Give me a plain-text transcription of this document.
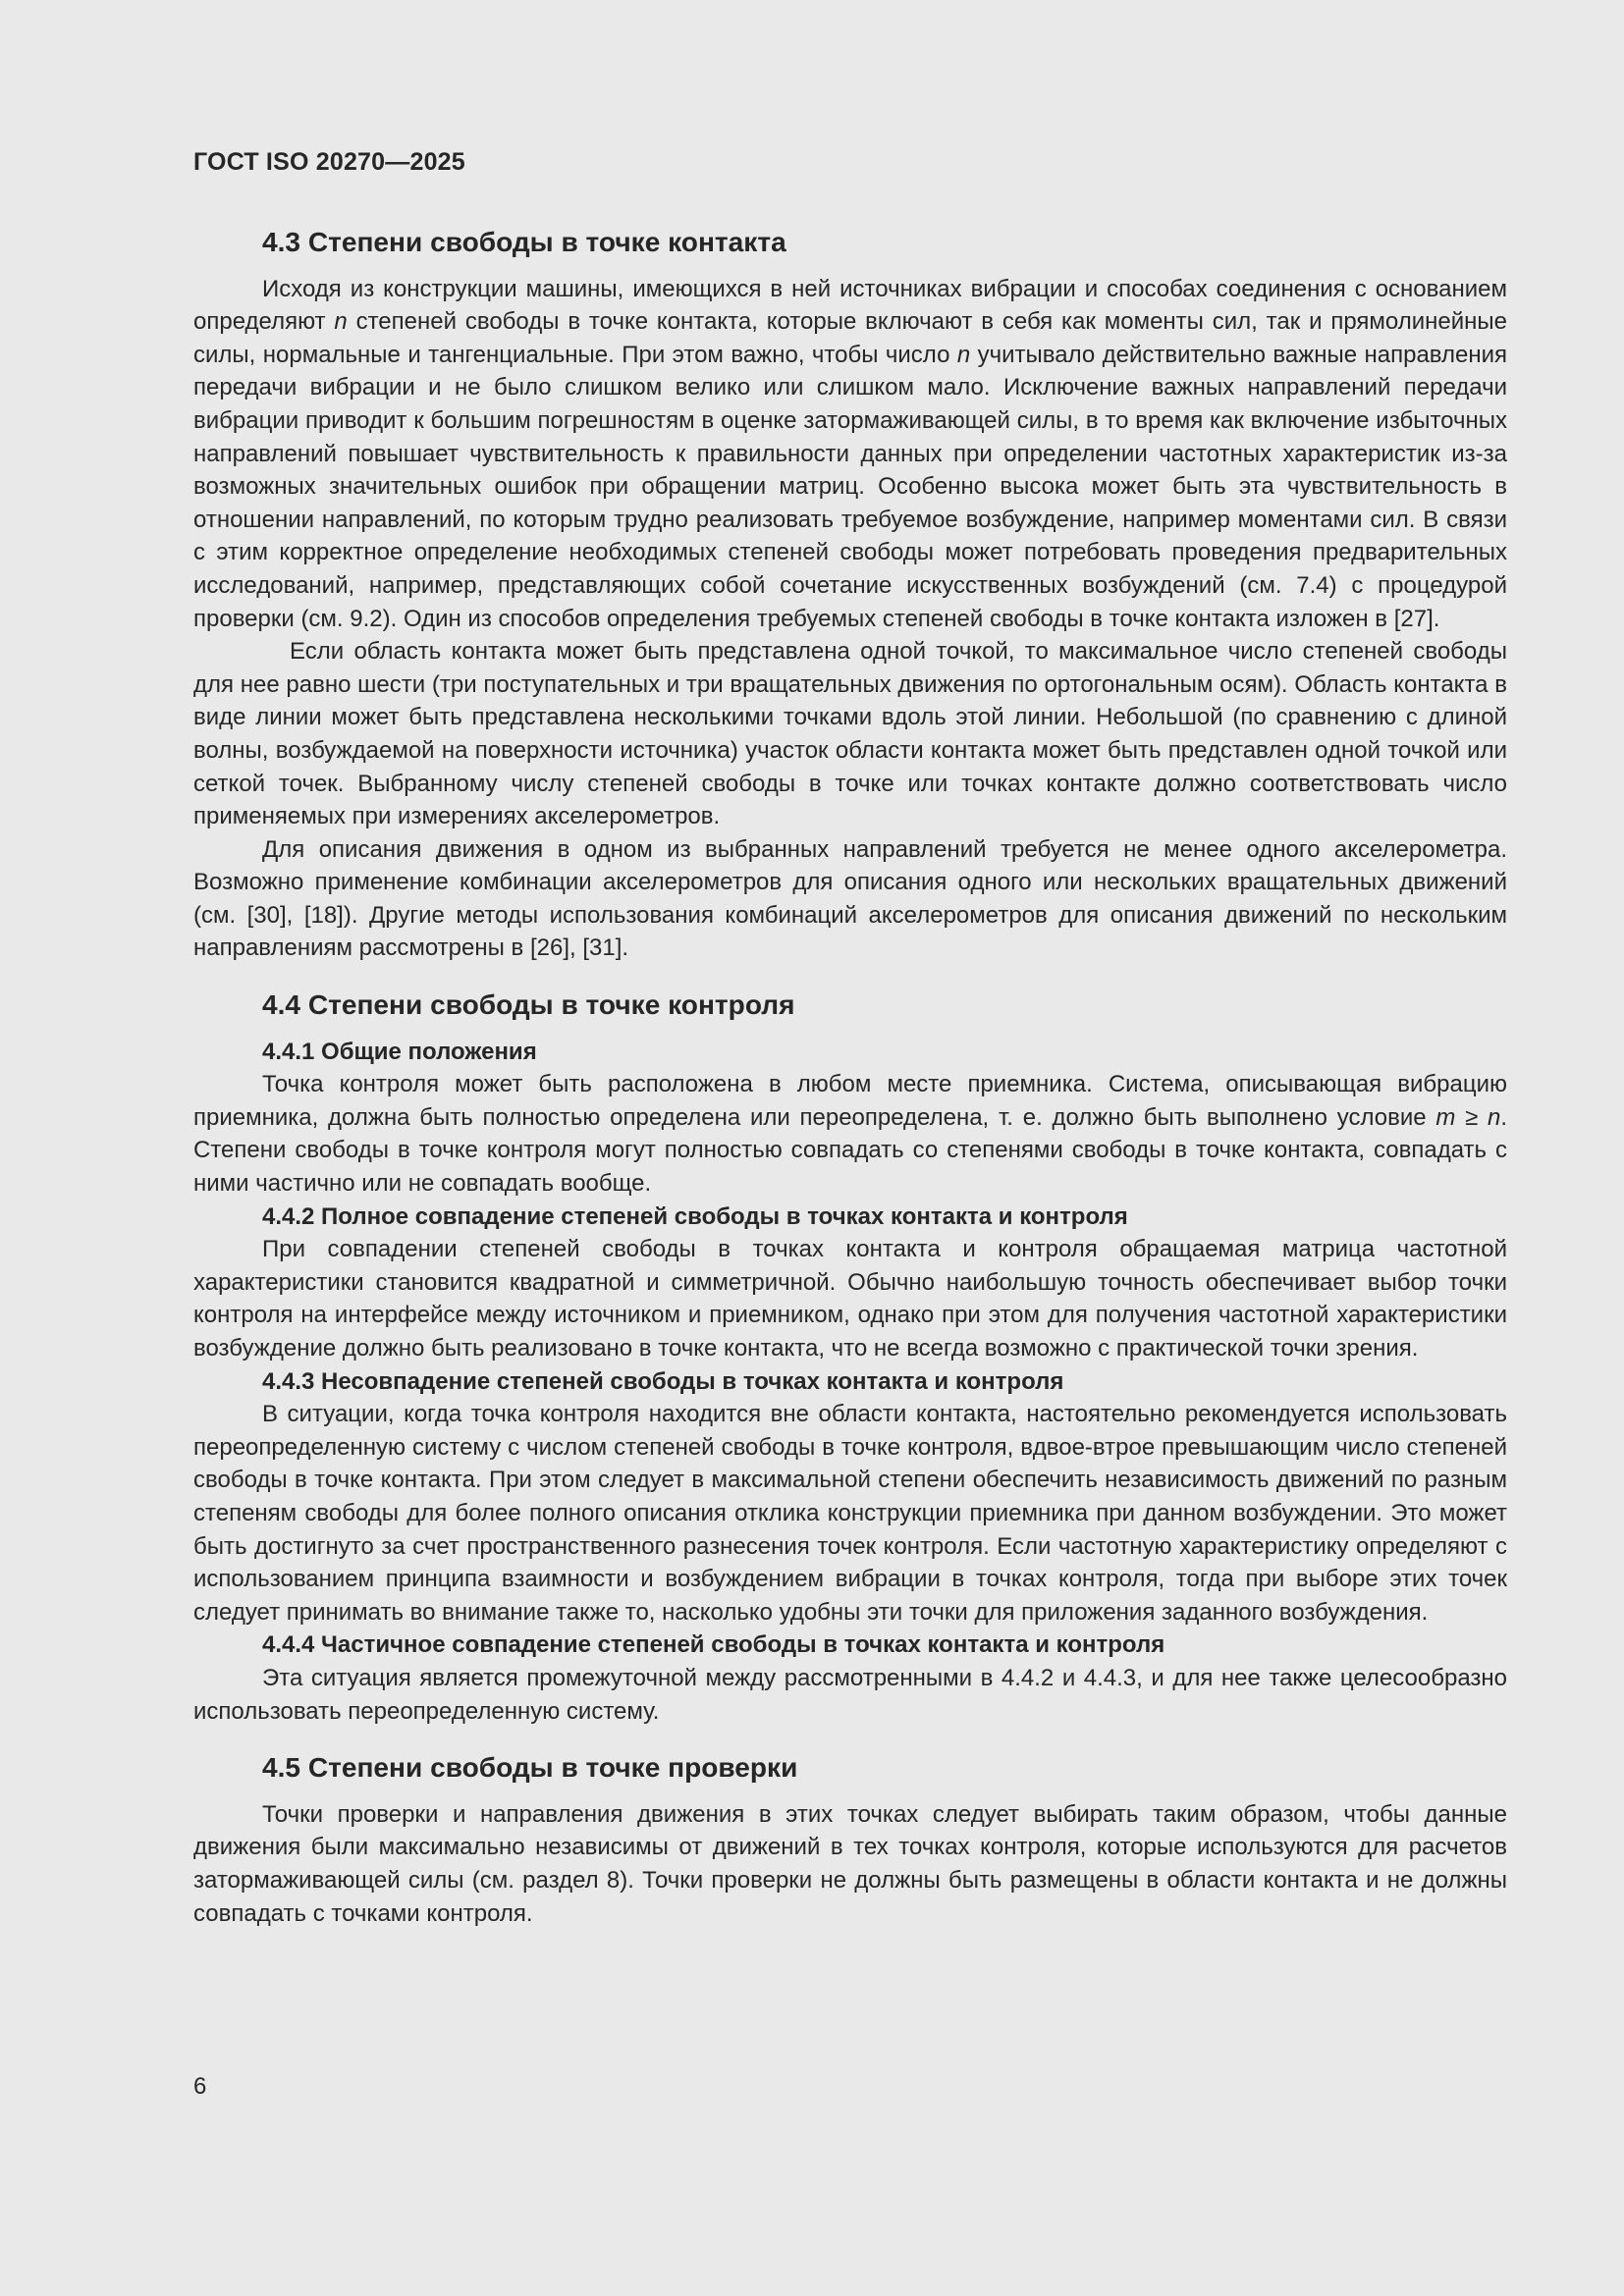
ГОСТ ISO 20270—2025
4.3 Степени свободы в точке контакта

Исходя из конструкции машины, имеющихся в ней источниках вибрации и способах соединения с основанием определяют n степеней свободы в точке контакта, которые включают в себя как моменты сил, так и прямолинейные силы, нормальные и тангенциальные. При этом важно, чтобы число n учитывало действительно важные направления передачи вибрации и не было слишком велико или слишком мало. Исключение важных направлений передачи вибрации приводит к большим погрешностям в оценке затормаживающей силы, в то время как включение избыточных направлений повышает чувствительность к правильности данных при определении частотных характеристик из-за возможных значительных ошибок при обращении матриц. Особенно высока может быть эта чувствительность в отношении направлений, по которым трудно реализовать требуемое возбуждение, например моментами сил. В связи с этим корректное определение необходимых степеней свободы может потребовать проведения предварительных исследований, например, представляющих собой сочетание искусственных возбуждений (см. 7.4) с процедурой проверки (см. 9.2). Один из способов определения требуемых степеней свободы в точке контакта изложен в [27].

Если область контакта может быть представлена одной точкой, то максимальное число степеней свободы для нее равно шести (три поступательных и три вращательных движения по ортогональным осям). Область контакта в виде линии может быть представлена несколькими точками вдоль этой линии. Небольшой (по сравнению с длиной волны, возбуждаемой на поверхности источника) участок области контакта может быть представлен одной точкой или сеткой точек. Выбранному числу степеней свободы в точке или точках контакте должно соответствовать число применяемых при измерениях акселерометров.

Для описания движения в одном из выбранных направлений требуется не менее одного акселерометра. Возможно применение комбинации акселерометров для описания одного или нескольких вращательных движений (см. [30], [18]). Другие методы использования комбинаций акселерометров для описания движений по нескольким направлениям рассмотрены в [26], [31].

4.4 Степени свободы в точке контроля
4.4.1 Общие положения

Точка контроля может быть расположена в любом месте приемника. Система, описывающая вибрацию приемника, должна быть полностью определена или переопределена, т. е. должно быть выполнено условие m ≥ n. Степени свободы в точке контроля могут полностью совпадать со степенями свободы в точке контакта, совпадать с ними частично или не совпадать вообще.

4.4.2 Полное совпадение степеней свободы в точках контакта и контроля

При совпадении степеней свободы в точках контакта и контроля обращаемая матрица частотной характеристики становится квадратной и симметричной. Обычно наибольшую точность обеспечивает выбор точки контроля на интерфейсе между источником и приемником, однако при этом для получения частотной характеристики возбуждение должно быть реализовано в точке контакта, что не всегда возможно с практической точки зрения.

4.4.3 Несовпадение степеней свободы в точках контакта и контроля

В ситуации, когда точка контроля находится вне области контакта, настоятельно рекомендуется использовать переопределенную систему с числом степеней свободы в точке контроля, вдвое-втрое превышающим число степеней свободы в точке контакта. При этом следует в максимальной степени обеспечить независимость движений по разным степеням свободы для более полного описания отклика конструкции приемника при данном возбуждении. Это может быть достигнуто за счет пространственного разнесения точек контроля. Если частотную характеристику определяют с использованием принципа взаимности и возбуждением вибрации в точках контроля, тогда при выборе этих точек следует принимать во внимание также то, насколько удобны эти точки для приложения заданного возбуждения.

4.4.4 Частичное совпадение степеней свободы в точках контакта и контроля

Эта ситуация является промежуточной между рассмотренными в 4.4.2 и 4.4.3, и для нее также целесообразно использовать переопределенную систему.

4.5 Степени свободы в точке проверки

Точки проверки и направления движения в этих точках следует выбирать таким образом, чтобы данные движения были максимально независимы от движений в тех точках контроля, которые используются для расчетов затормаживающей силы (см. раздел 8). Точки проверки не должны быть размещены в области контакта и не должны совпадать с точками контроля.

6
